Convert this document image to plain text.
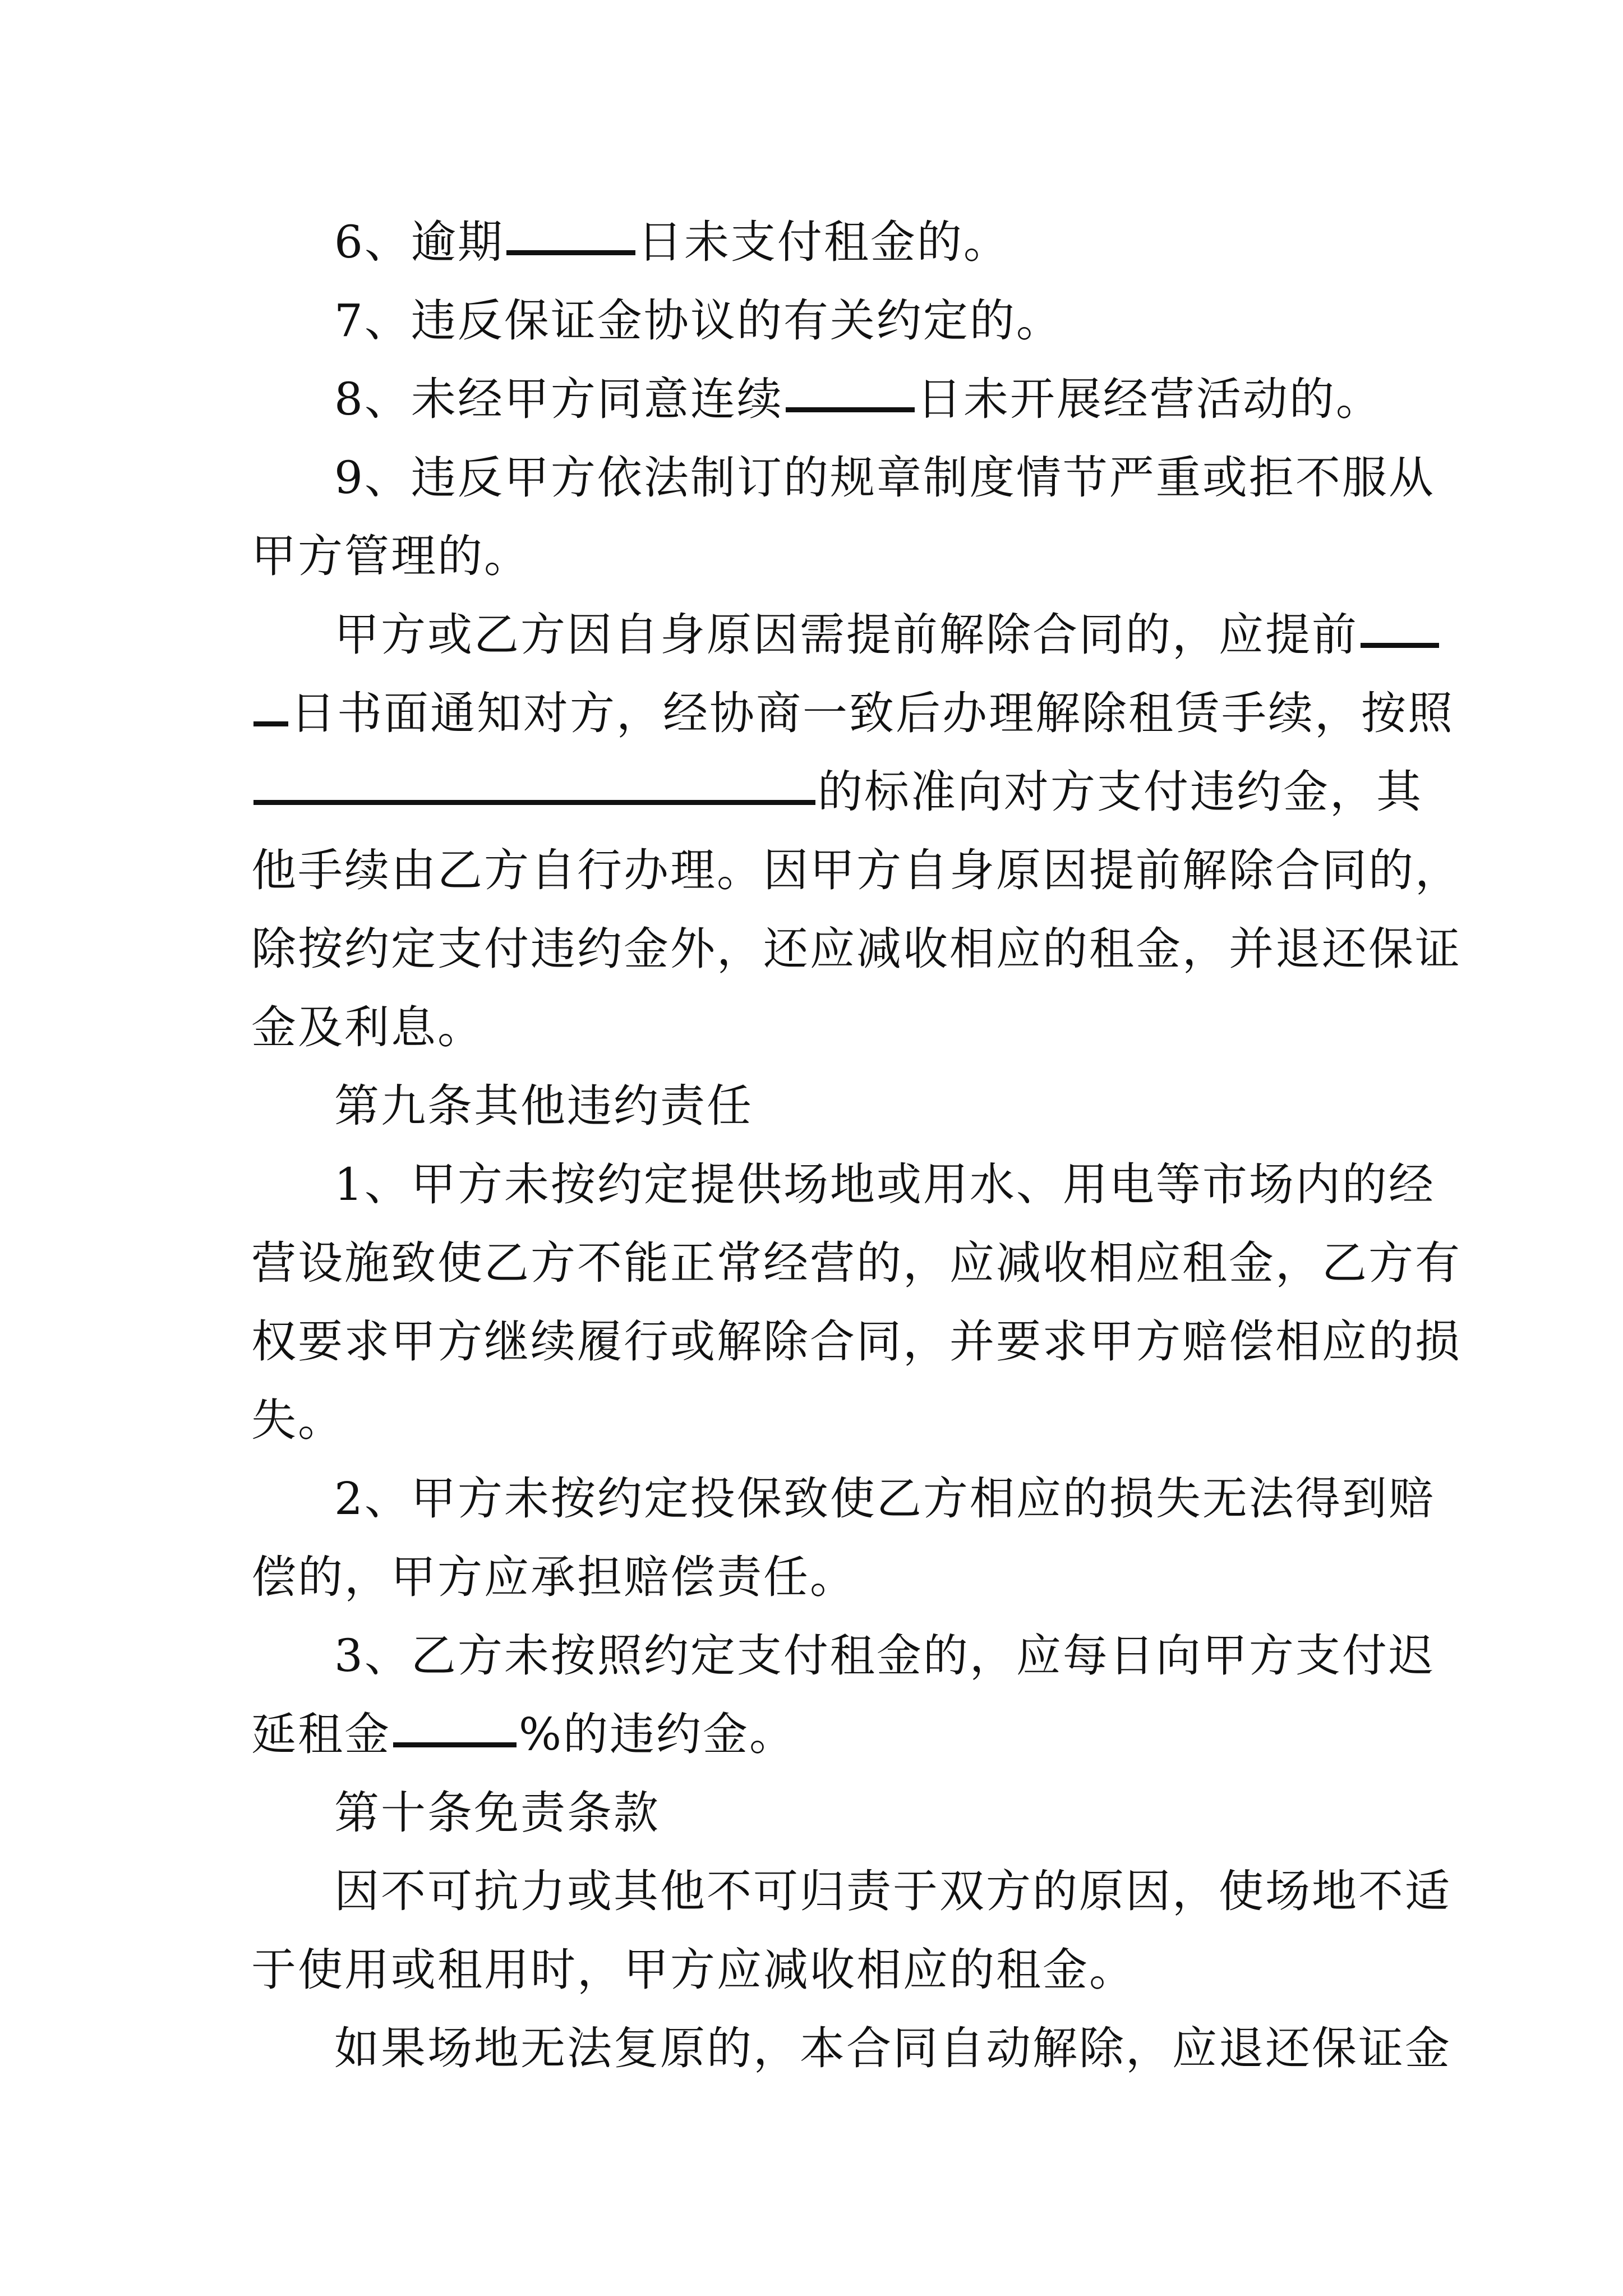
6、逾期	日未支付租金的。
7、违反保证金协议的有关约定的。
8、未经甲方同意连续	日未开展经营活动的。
9、违反甲方依法制订的规章制度情节严重或拒不服从
甲方管理的。
甲方或乙方因自身原因需提前解除合同的，应提前
日书面通知对方，经协商一致后办理解除租赁手续，按照
的标准向对方支付违约金，其
他手续由乙方自行办理。因甲方自身原因提前解除合同的，
除按约定支付违约金外，还应减收相应的租金，并退还保证
金及利息。
第九条其他违约责任
1、甲方未按约定提供场地或用水、用电等市场内的经
营设施致使乙方不能正常经营的，应减收相应租金，乙方有
权要求甲方继续履行或解除合同，并要求甲方赔偿相应的损
失。
2、甲方未按约定投保致使乙方相应的损失无法得到赔
偿的，甲方应承担赔偿责任。
3、乙方未按照约定支付租金的，应每日向甲方支付迟
延租金	%的违约金。
第十条免责条款
因不可抗力或其他不可归责于双方的原因，使场地不适
于使用或租用时，甲方应减收相应的租金。
如果场地无法复原的，本合同自动解除，应退还保证金
